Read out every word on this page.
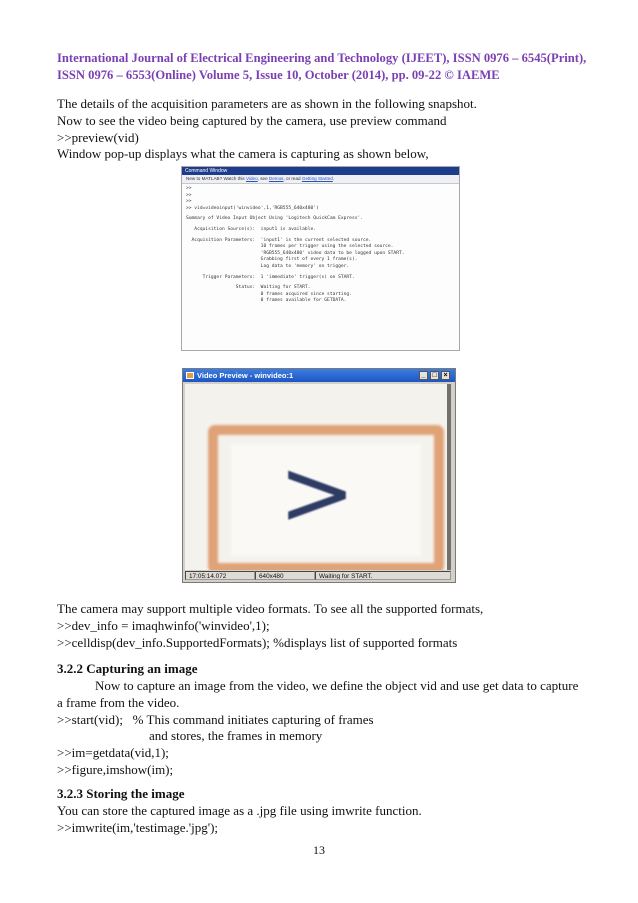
International Journal of Electrical Engineering and Technology (IJEET), ISSN 0976 – 6545(Print),
ISSN 0976 – 6553(Online) Volume 5, Issue 10, October (2014), pp. 09-22 © IAEME
The details of the acquisition parameters are as shown in the following snapshot.
Now to see the video being captured by the camera, use preview command
>>preview(vid)
Window pop-up displays what the camera is capturing as shown below,
Command Window
New to MATLAB? Watch this Video, see Demos, or read Getting Started.
>>
>>
>>
>> vid=videoinput('winvideo',1,'RGB555_640x480')
Summary of Video Input Object Using 'Logitech QuickCam Express'.
Acquisition Source(s):  input1 is available.
Acquisition Parameters:  'input1' is the current selected source.
10 frames per trigger using the selected source.
'RGB555_640x480' video data to be logged upon START.
Grabbing first of every 1 frame(s).
Log data to 'memory' on trigger.
Trigger Parameters:  1 'immediate' trigger(s) on START.
Status:  Waiting for START.
0 frames acquired since starting.
0 frames available for GETDATA.
Video Preview - winvideo:1	_ □ ×
>
17:05:14.072	640x480	Waiting for START.
The camera may support multiple video formats. To see all the supported formats,
>>dev_info = imaqhwinfo('winvideo',1);
>>celldisp(dev_info.SupportedFormats); %displays list of supported formats
3.2.2 Capturing an image
Now to capture an image from the video, we define the object vid and use get data to capture
a frame from the video.
>>start(vid);   % This command initiates capturing of frames
and stores, the frames in memory
>>im=getdata(vid,1);
>>figure,imshow(im);
3.2.3 Storing the image
You can store the captured image as a .jpg file using imwrite function.
>>imwrite(im,'testimage.'jpg');
13
